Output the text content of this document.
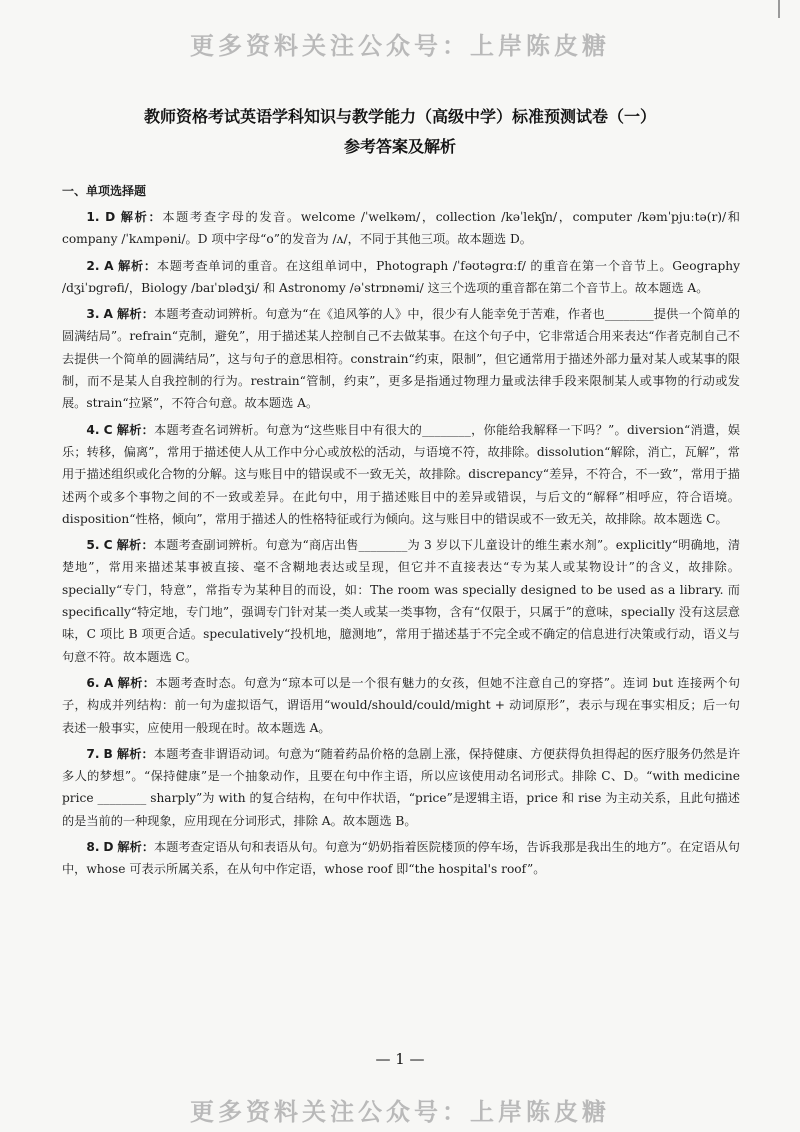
更多资料关注公众号：上岸陈皮糖
教师资格考试英语学科知识与教学能力（高级中学）标准预测试卷（一）
参考答案及解析
一、单项选择题

1. D 解析：本题考查字母的发音。welcome /ˈwelkəm/，collection /kəˈlekʃn/，computer /kəmˈpjuːtə(r)/和 company /ˈkʌmpəni/。D 项中字母“o”的发音为 /ʌ/，不同于其他三项。故本题选 D。

2. A 解析：本题考查单词的重音。在这组单词中，Photograph /ˈfəʊtəgrɑːf/ 的重音在第一个音节上。Geography /dʒiˈɒgrəfi/，Biology /baɪˈɒlədʒi/ 和 Astronomy /əˈstrɒnəmi/ 这三个选项的重音都在第二个音节上。故本题选 A。

3. A 解析：本题考查动词辨析。句意为“在《追风筝的人》中，很少有人能幸免于苦难，作者也________提供一个简单的圆满结局”。refrain“克制，避免”，用于描述某人控制自己不去做某事。在这个句子中，它非常适合用来表达“作者克制自己不去提供一个简单的圆满结局”，这与句子的意思相符。constrain“约束，限制”，但它通常用于描述外部力量对某人或某事的限制，而不是某人自我控制的行为。restrain“管制，约束”，更多是指通过物理力量或法律手段来限制某人或事物的行动或发展。strain“拉紧”，不符合句意。故本题选 A。

4. C 解析：本题考查名词辨析。句意为“这些账目中有很大的________，你能给我解释一下吗？”。diversion“消遣，娱乐；转移，偏离”，常用于描述使人从工作中分心或放松的活动，与语境不符，故排除。dissolution“解除，消亡，瓦解”，常用于描述组织或化合物的分解。这与账目中的错误或不一致无关，故排除。discrepancy“差异，不符合，不一致”，常用于描述两个或多个事物之间的不一致或差异。在此句中，用于描述账目中的差异或错误，与后文的“解释”相呼应，符合语境。disposition“性格，倾向”，常用于描述人的性格特征或行为倾向。这与账目中的错误或不一致无关，故排除。故本题选 C。

5. C 解析：本题考查副词辨析。句意为“商店出售________为 3 岁以下儿童设计的维生素水剂”。explicitly“明确地，清楚地”，常用来描述某事被直接、毫不含糊地表达或呈现，但它并不直接表达“专为某人或某物设计”的含义，故排除。specially“专门，特意”，常指专为某种目的而设，如：The room was specially designed to be used as a library. 而 specifically“特定地，专门地”，强调专门针对某一类人或某一类事物，含有“仅限于，只属于”的意味，specially 没有这层意味，C 项比 B 项更合适。speculatively“投机地，臆测地”，常用于描述基于不完全或不确定的信息进行决策或行动，语义与句意不符。故本题选 C。

6. A 解析：本题考查时态。句意为“琼本可以是一个很有魅力的女孩，但她不注意自己的穿搭”。连词 but 连接两个句子，构成并列结构：前一句为虚拟语气，谓语用“would/should/could/might + 动词原形”，表示与现在事实相反；后一句表述一般事实，应使用一般现在时。故本题选 A。

7. B 解析：本题考查非谓语动词。句意为“随着药品价格的急剧上涨，保持健康、方便获得负担得起的医疗服务仍然是许多人的梦想”。“保持健康”是一个抽象动作，且要在句中作主语，所以应该使用动名词形式。排除 C、D。“with medicine price ________ sharply”为 with 的复合结构，在句中作状语，“price”是逻辑主语，price 和 rise 为主动关系，且此句描述的是当前的一种现象，应用现在分词形式，排除 A。故本题选 B。

8. D 解析：本题考查定语从句和表语从句。句意为“奶奶指着医院楼顶的停车场，告诉我那是我出生的地方”。在定语从句中，whose 可表示所属关系，在从句中作定语，whose roof 即“the hospital's roof”。

— 1 —
更多资料关注公众号：上岸陈皮糖
